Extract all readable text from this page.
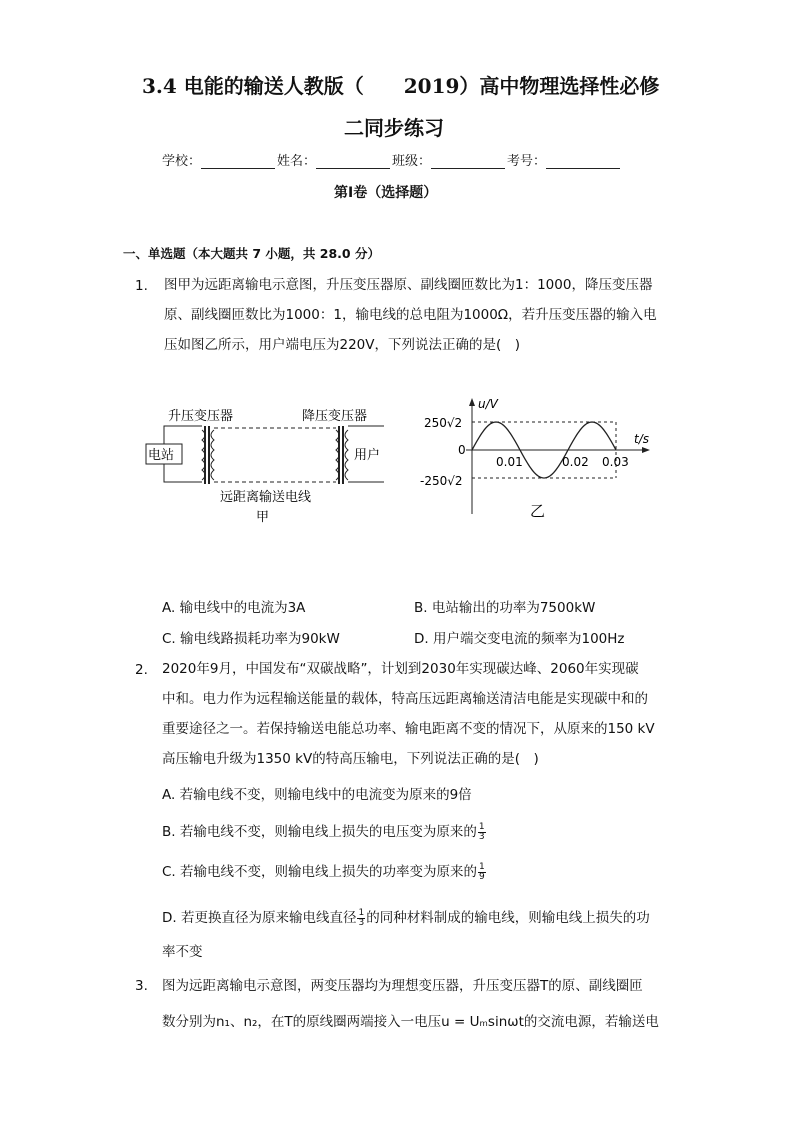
3.4 电能的输送人教版（　　2019）高中物理选择性必修
二同步练习
学校：	姓名：	班级：	考号：
第Ⅰ卷（选择题）
一、单选题（本大题共 7 小题，共 28.0 分）
1. 图甲为远距离输电示意图，升压变压器原、副线圈匝数比为1：1000，降压变压器
原、副线圈匝数比为1000：1，输电线的总电阻为1000Ω，若升压变压器的输入电
压如图乙所示，用户端电压为220V，下列说法正确的是(　)
升压变压器	降压变压器
电站	用户
远距离输送电线
甲
u/V
t/s
250√2
-250√2
0
0.01	0.02 0.03
乙
A. 输电线中的电流为3A	B. 电站输出的功率为7500kW
C. 输电线路损耗功率为90kW	D. 用户端交变电流的频率为100Hz
2. 2020年9月，中国发布“双碳战略”，计划到2030年实现碳达峰、2060年实现碳
中和。电力作为远程输送能量的载体，特高压远距离输送清洁电能是实现碳中和的
重要途径之一。若保持输送电能总功率、输电距离不变的情况下，从原来的150 kV
高压输电升级为1350 kV的特高压输电，下列说法正确的是(　)
A. 若输电线不变，则输电线中的电流变为原来的9倍
B. 若输电线不变，则输电线上损失的电压变为原来的 $\frac{1}{3}$
C. 若输电线不变，则输电线上损失的功率变为原来的 $\frac{1}{9}$
D. 若更换直径为原来输电线直径 $\frac{1}{3}$ 的同种材料制成的输电线，则输电线上损失的功
率不变
3. 图为远距离输电示意图，两变压器均为理想变压器，升压变压器T的原、副线圈匝
数分别为n₁、n₂，在T的原线圈两端接入一电压u = Uₘsinωt的交流电源，若输送电
